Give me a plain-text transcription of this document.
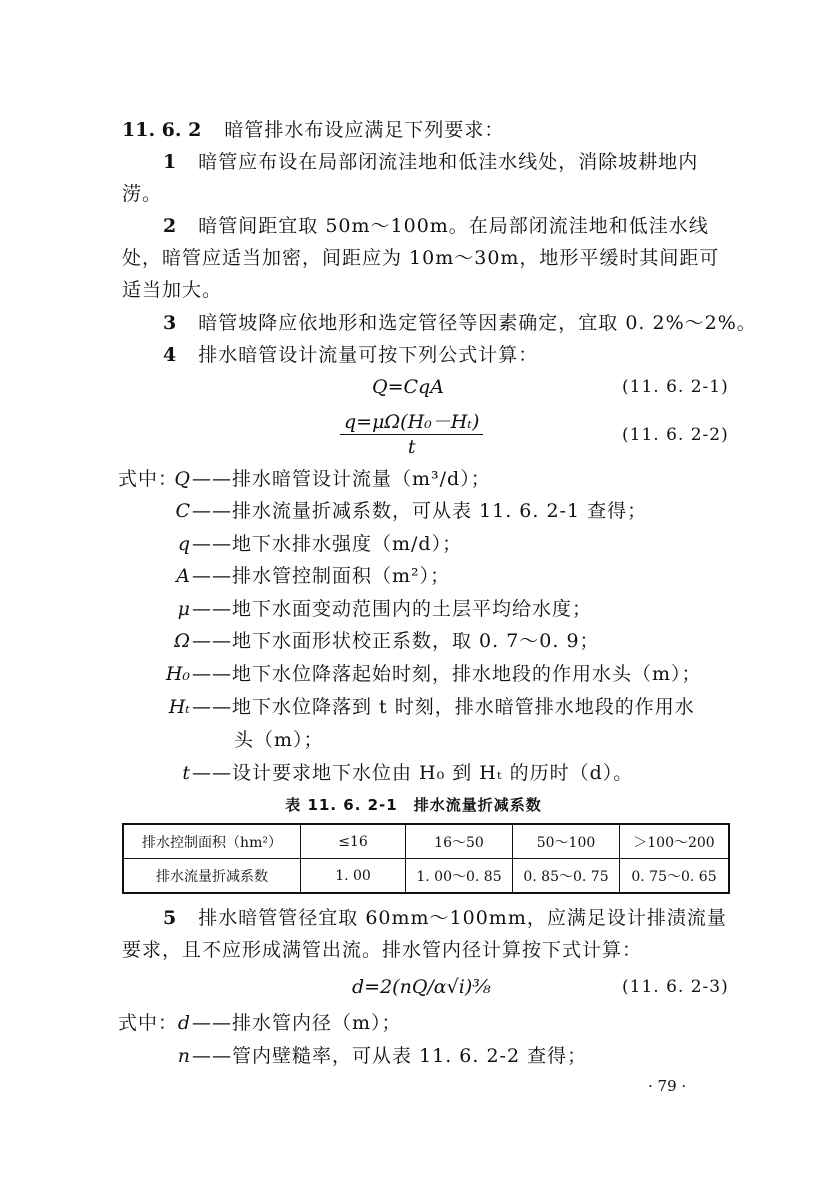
11. 6. 2 暗管排水布设应满足下列要求：
1 暗管应布设在局部闭流洼地和低洼水线处，消除坡耕地内
涝。
2 暗管间距宜取 50m～100m。在局部闭流洼地和低洼水线
处，暗管应适当加密，间距应为 10m～30m，地形平缓时其间距可
适当加大。
3 暗管坡降应依地形和选定管径等因素确定，宜取 0. 2%～2%。
4 排水暗管设计流量可按下列公式计算：
Q=CqA	(11. 6. 2-1)
$\frac{\text{q=μΩ(H₀－Hₜ)}}{t}$	(11. 6. 2-2)
式中：
Q ——排水暗管设计流量（m³/d）；
C ——排水流量折减系数，可从表 11. 6. 2-1 查得；
q ——地下水排水强度（m/d）；
A ——排水管控制面积（m²）；
μ ——地下水面变动范围内的土层平均给水度；
Ω ——地下水面形状校正系数，取 0. 7～0. 9；
H₀ ——地下水位降落起始时刻，排水地段的作用水头（m）；
Hₜ ——地下水位降落到 t 时刻，排水暗管排水地段的作用水
头（m）；
t ——设计要求地下水位由 H₀ 到 Hₜ 的历时（d）。
表 11. 6. 2-1　排水流量折减系数
排水控制面积（hm²）	≤16	16～50	50～100	＞100～200
排水流量折减系数	1. 00	1. 00～0. 85	0. 85～0. 75	0. 75～0. 65
5 排水暗管管径宜取 60mm～100mm，应满足设计排渍流量
要求，且不应形成满管出流。排水管内径计算按下式计算：
d=2(nQ/α√i)³⁄₈	(11. 6. 2-3)
式中： d ——排水管内径（m）；
n ——管内壁糙率，可从表 11. 6. 2-2 查得；
· 79 ·
